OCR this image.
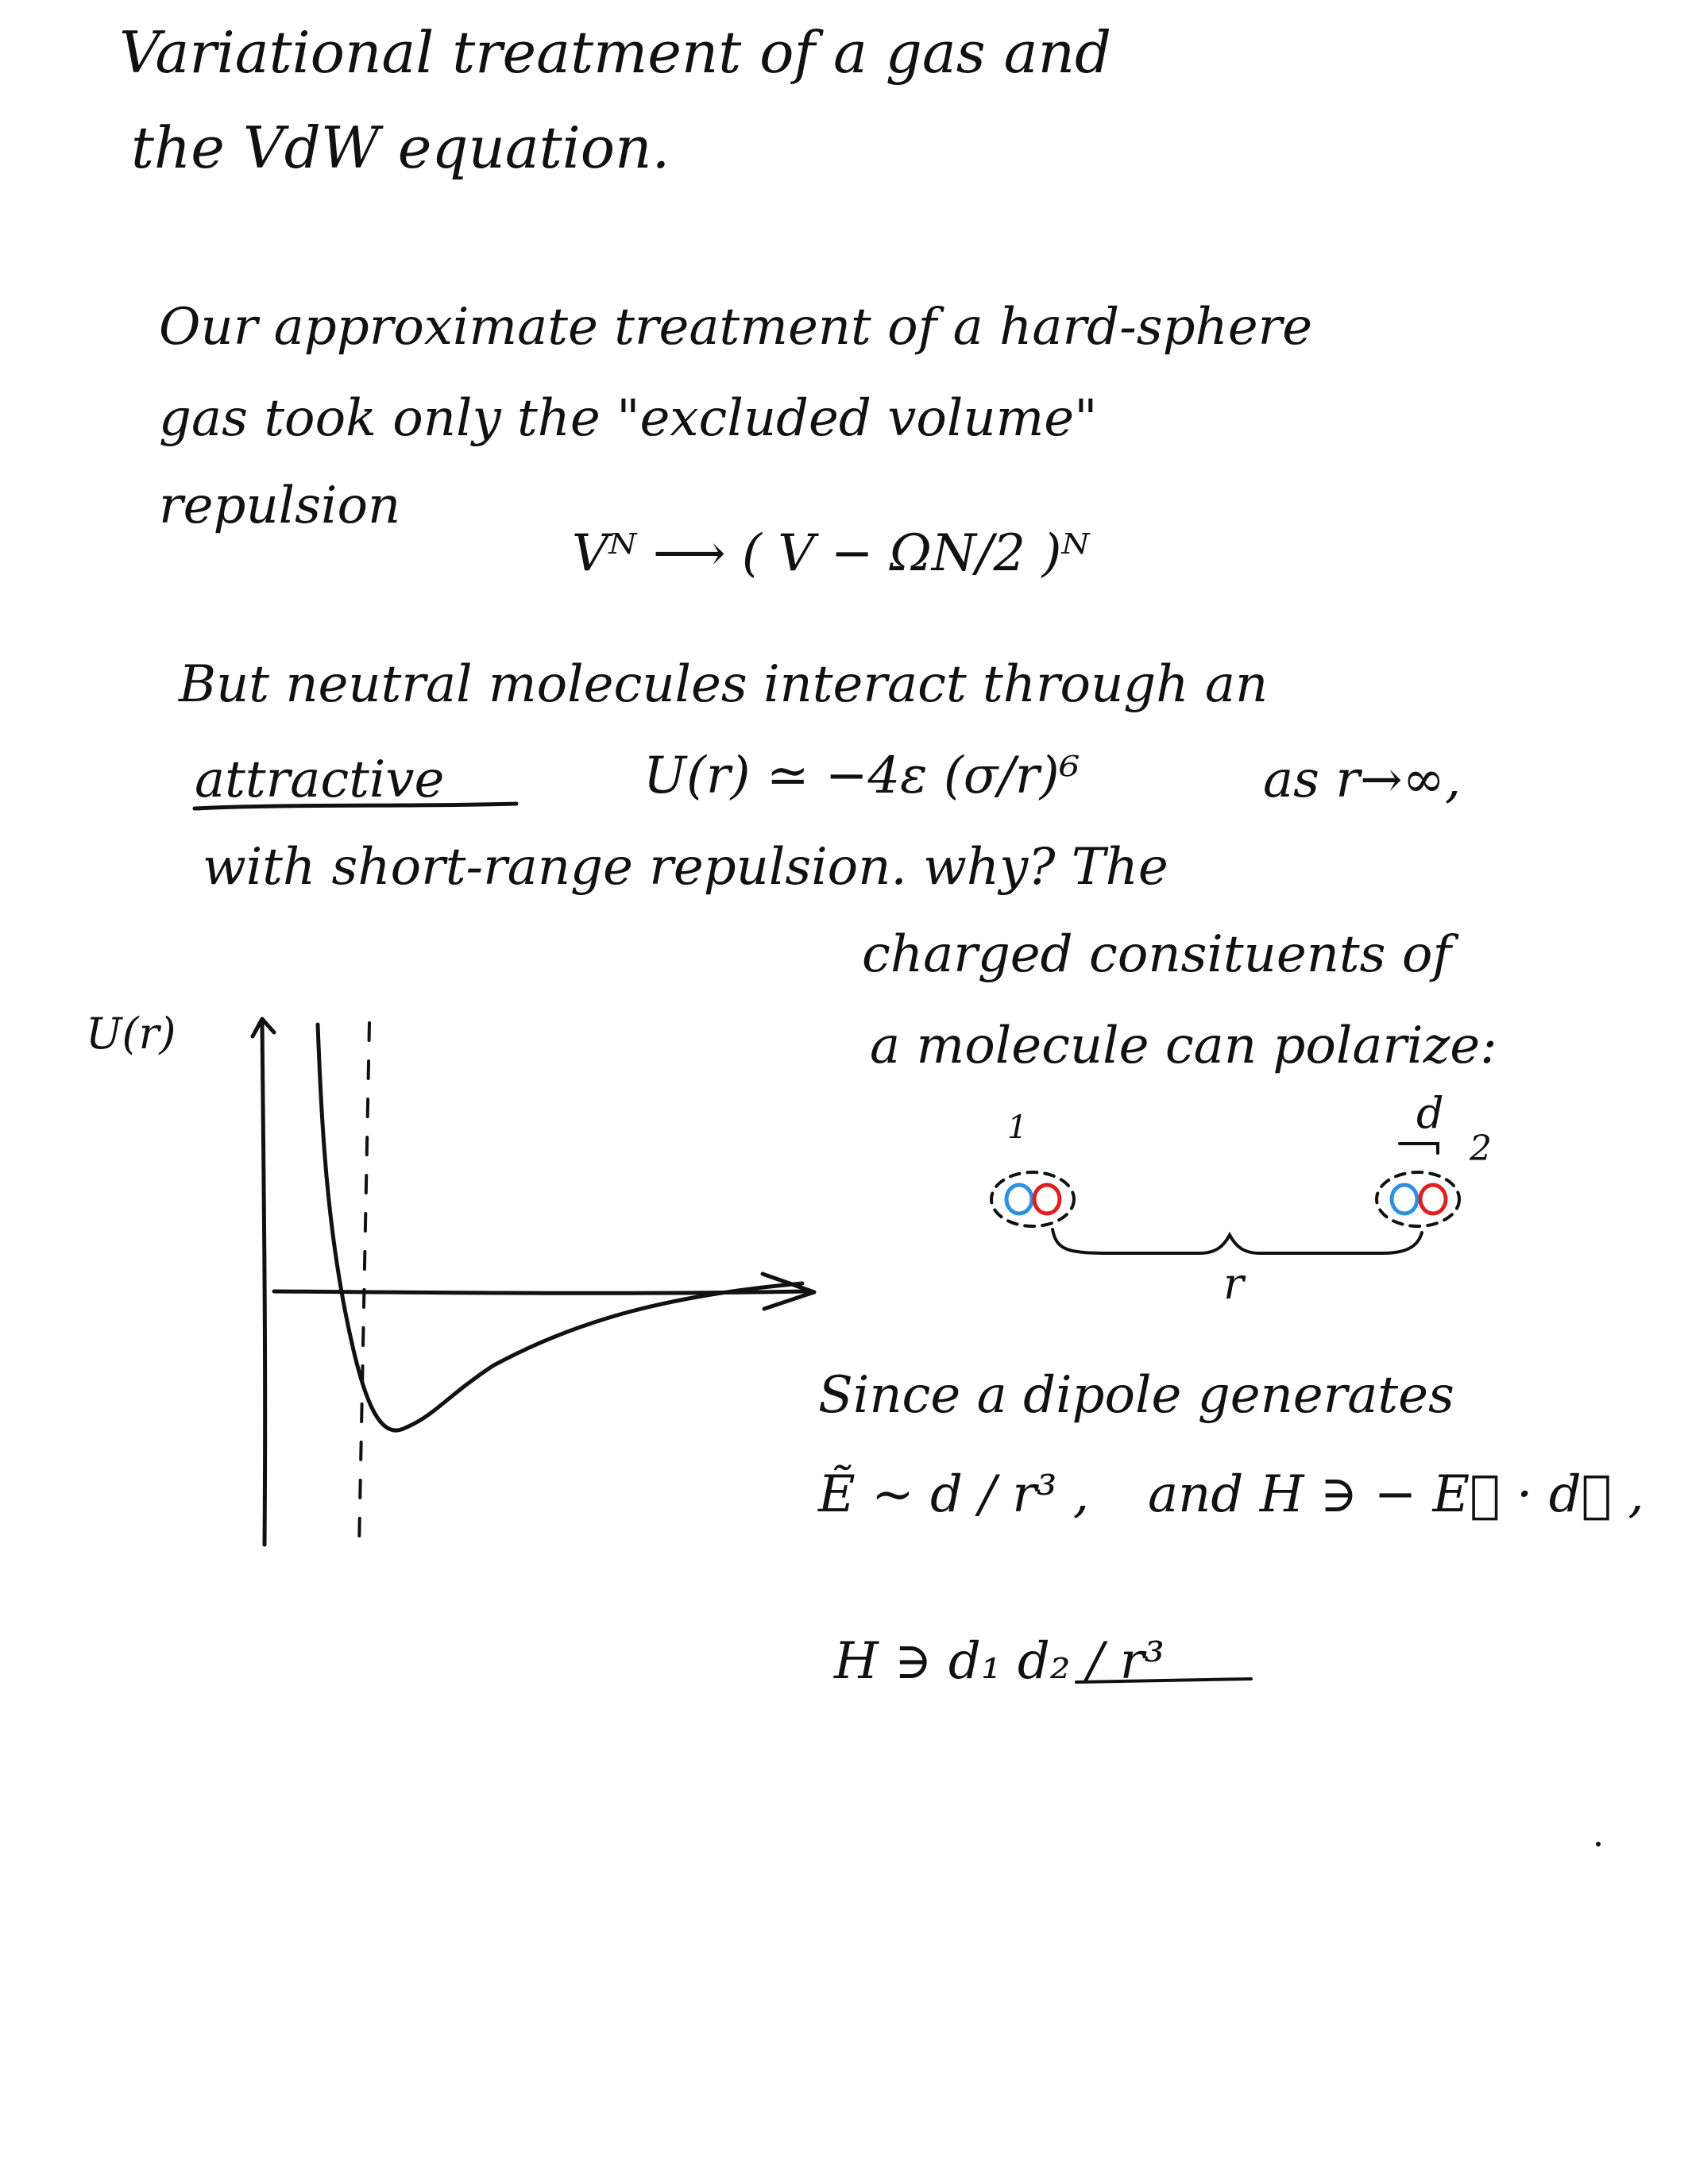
Variational treatment of a gas and
the VdW equation.
Our approximate treatment of a hard-sphere
gas took only the "excluded volume"
repulsion
Vᴺ ⟶ ( V − ΩN/2 )ᴺ
But neutral molecules interact through an
attractive	U(r) ≃ −4ε (σ/r)⁶	as r→∞,
with short-range repulsion. why? The
charged consituents of
a molecule can polarize:
U(r)
1	d
2
r
Since a dipole generates
Ẽ ~ d / r³ , and H ∋ − E⃗ · d⃗ ,
H ∋ d₁ d₂ / r³
